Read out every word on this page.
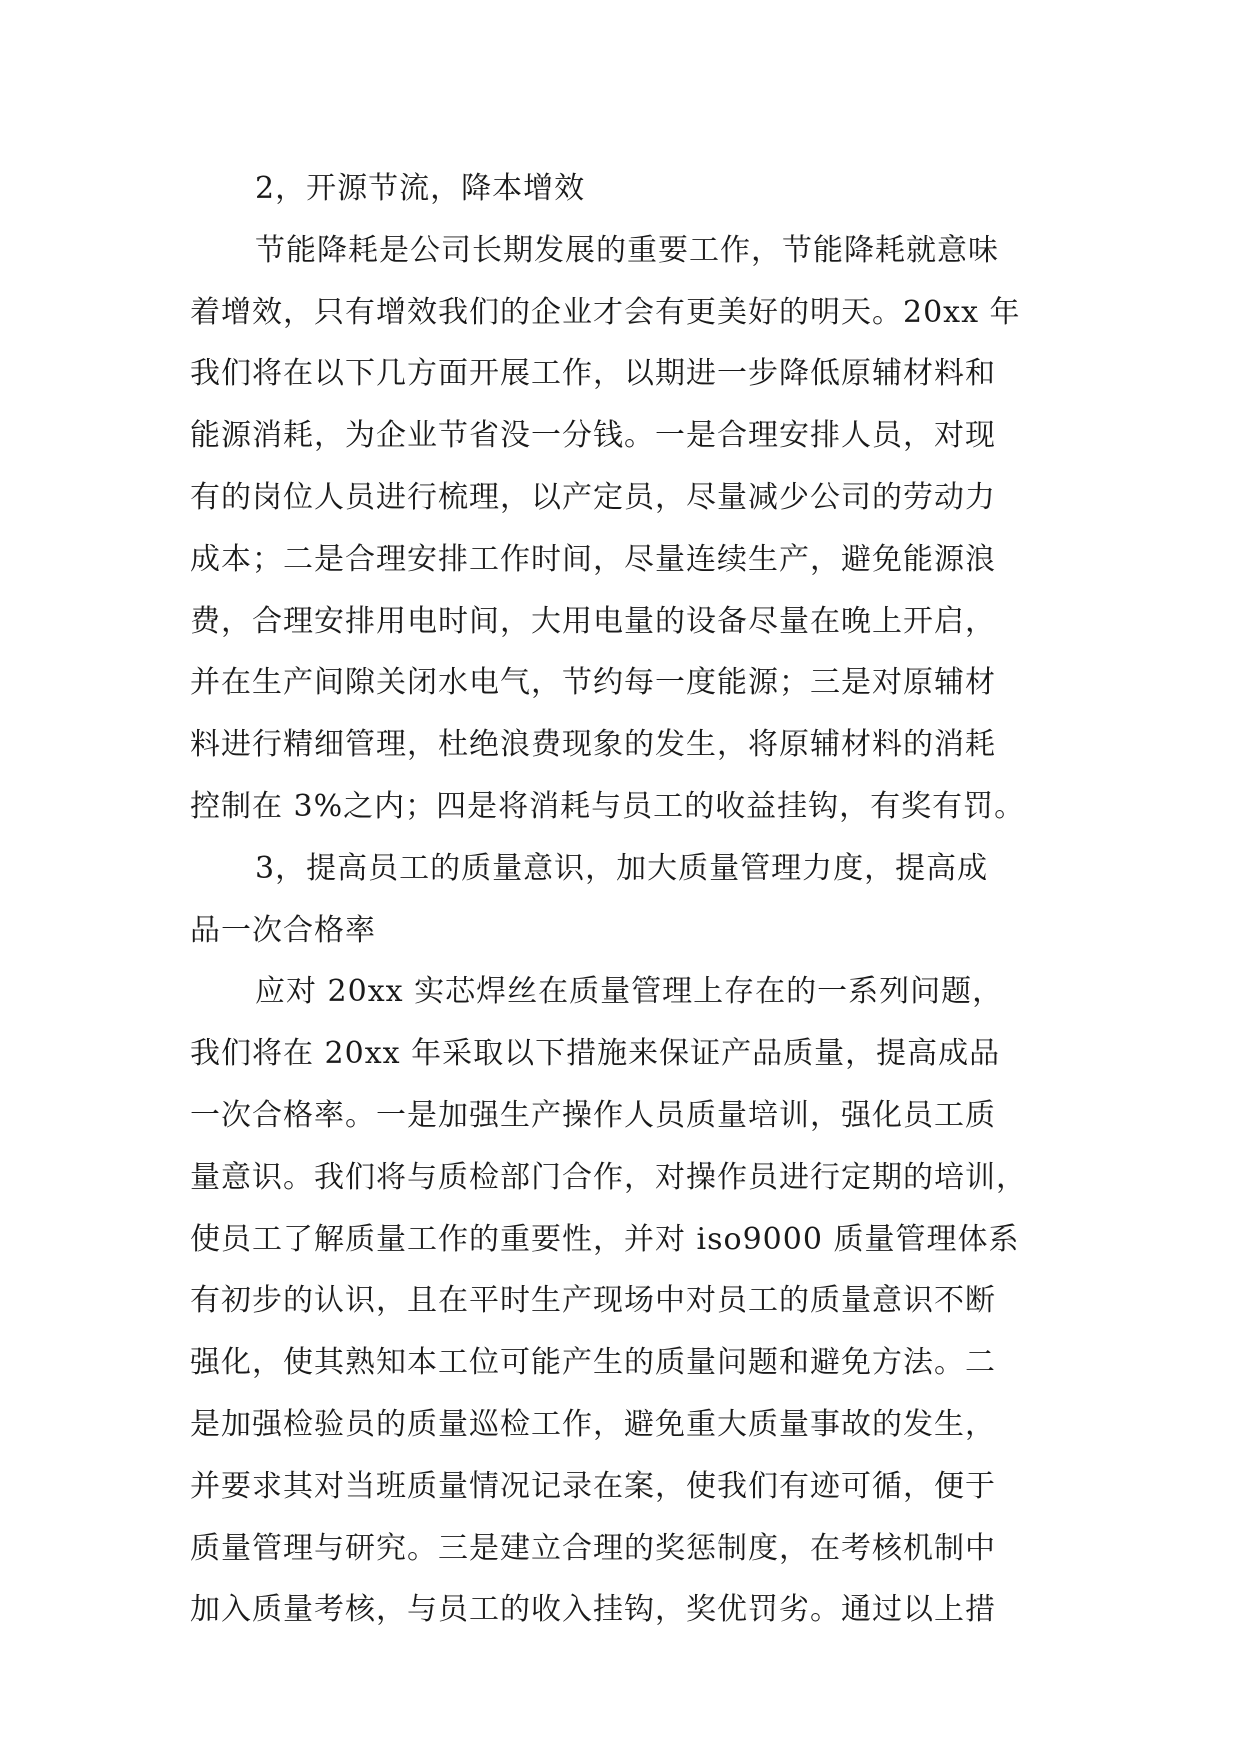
2，开源节流，降本增效
节能降耗是公司长期发展的重要工作，节能降耗就意味
着增效，只有增效我们的企业才会有更美好的明天。20xx 年
我们将在以下几方面开展工作，以期进一步降低原辅材料和
能源消耗，为企业节省没一分钱。一是合理安排人员，对现
有的岗位人员进行梳理，以产定员，尽量减少公司的劳动力
成本；二是合理安排工作时间，尽量连续生产，避免能源浪
费，合理安排用电时间，大用电量的设备尽量在晚上开启，
并在生产间隙关闭水电气，节约每一度能源；三是对原辅材
料进行精细管理，杜绝浪费现象的发生，将原辅材料的消耗
控制在 3%之内；四是将消耗与员工的收益挂钩，有奖有罚。
3，提高员工的质量意识，加大质量管理力度，提高成
品一次合格率
应对 20xx 实芯焊丝在质量管理上存在的一系列问题，
我们将在 20xx 年采取以下措施来保证产品质量，提高成品
一次合格率。一是加强生产操作人员质量培训，强化员工质
量意识。我们将与质检部门合作，对操作员进行定期的培训，
使员工了解质量工作的重要性，并对 iso9000 质量管理体系
有初步的认识，且在平时生产现场中对员工的质量意识不断
强化，使其熟知本工位可能产生的质量问题和避免方法。二
是加强检验员的质量巡检工作，避免重大质量事故的发生，
并要求其对当班质量情况记录在案，使我们有迹可循，便于
质量管理与研究。三是建立合理的奖惩制度，在考核机制中
加入质量考核，与员工的收入挂钩，奖优罚劣。通过以上措
